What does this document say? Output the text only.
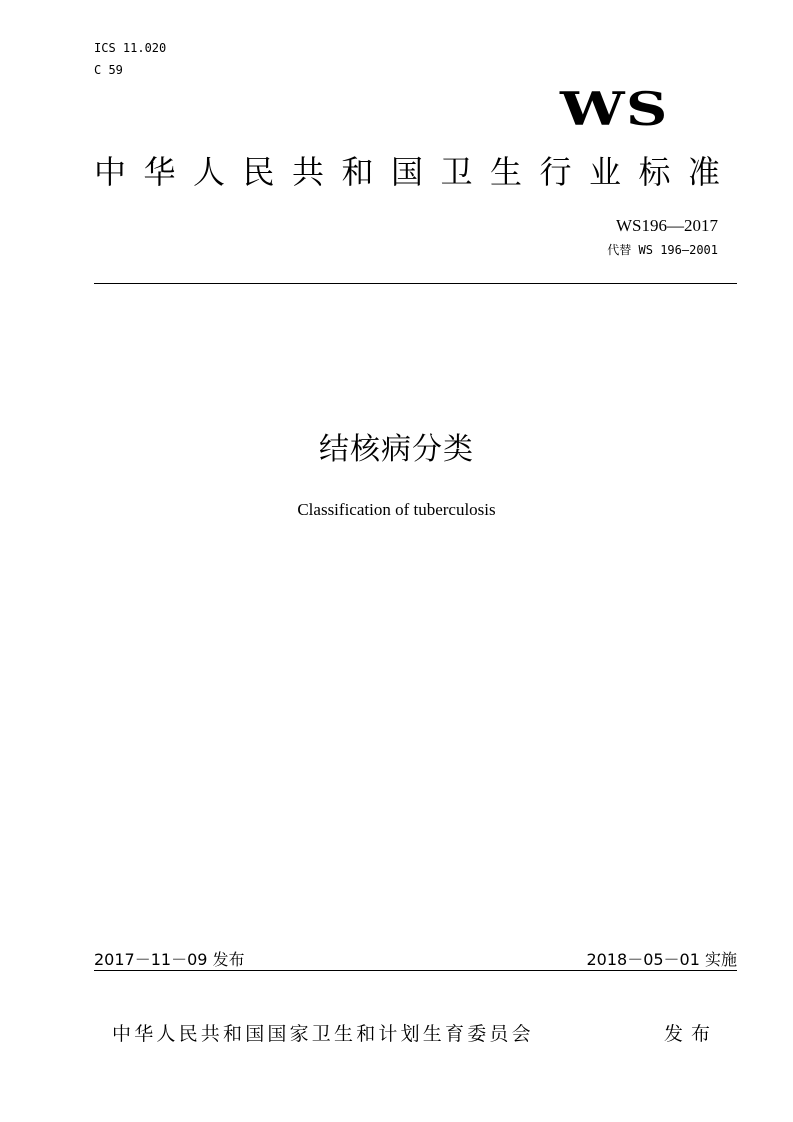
ICS 11.020
C 59
WS
中华人民共和国卫生行业标准
WS196—2017
代替 WS 196—2001
结核病分类
Classification of tuberculosis
2017－11－09 发布	2018－05－01 实施
中华人民共和国国家卫生和计划生育委员会	发布
